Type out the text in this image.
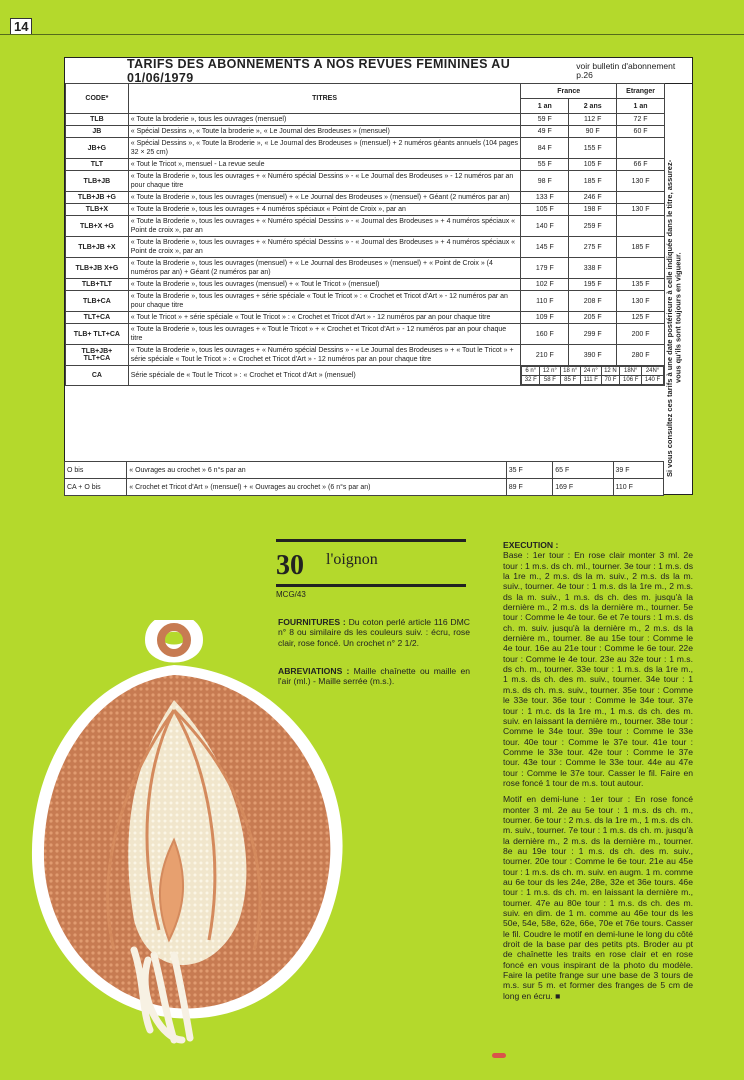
14
TARIFS DES ABONNEMENTS A NOS REVUES FEMININES AU 01/06/1979
voir bulletin d'abonnement p.26
CODE*	TITRES	France	Etranger
1 an	2 ans	1 an
TLB	« Toute la broderie », tous les ouvrages (mensuel)	59 F	112 F	72 F
JB	« Spécial Dessins », « Toute la broderie », « Le Journal des Brodeuses » (mensuel)	49 F	90 F	60 F
JB+G	« Spécial Dessins », « Toute la Broderie », « Le Journal des Brodeuses » (mensuel) + 2 numéros géants annuels (104 pages 32 × 25 cm)	84 F	155 F	
TLT	« Tout le Tricot », mensuel - La revue seule	55 F	105 F	66 F
TLB+JB	« Toute la Broderie », tous les ouvrages + « Numéro spécial Dessins » - « Le Journal des Brodeuses » - 12 numéros par an pour chaque titre	98 F	185 F	130 F
TLB+JB +G	« Toute la Broderie », tous les ouvrages (mensuel) + « Le Journal des Brodeuses » (mensuel) + Géant (2 numéros par an)	133 F	246 F	
TLB+X	« Toute la Broderie », tous les ouvrages + 4 numéros spéciaux « Point de Croix », par an	105 F	198 F	130 F
TLB+X +G	« Toute la Broderie », tous les ouvrages + « Numéro spécial Dessins » - « Journal des Brodeuses » + 4 numéros spéciaux « Point de croix », par an	140 F	259 F	
TLB+JB +X	« Toute la Broderie », tous les ouvrages + « Numéro spécial Dessins » - « Journal des Brodeuses » + 4 numéros spéciaux « Point de croix », par an	145 F	275 F	185 F
TLB+JB X+G	« Toute la Broderie », tous les ouvrages (mensuel) + « Le Journal des Brodeuses » (mensuel) + « Point de Croix » (4 numéros par an) + Géant (2 numéros par an)	179 F	338 F	
TLB+TLT	« Toute la Broderie », tous les ouvrages (mensuel) + « Tout le Tricot » (mensuel)	102 F	195 F	135 F
TLB+CA	« Toute la Broderie », tous les ouvrages + série spéciale « Tout le Tricot » : « Crochet et Tricot d'Art » - 12 numéros par an pour chaque titre	110 F	208 F	130 F
TLT+CA	« Tout le Tricot » + série spéciale « Tout le Tricot » : « Crochet et Tricot d'Art » - 12 numéros par an pour chaque titre	109 F	205 F	125 F
TLB+ TLT+CA	« Toute la Broderie », tous les ouvrages + « Tout le Tricot » + « Crochet et Tricot d'Art » - 12 numéros par an pour chaque titre	160 F	299 F	200 F
TLB+JB+ TLT+CA	« Toute la Broderie », tous les ouvrages + « Numéro spécial Dessins » - « Le Journal des Brodeuses » + « Tout le Tricot » + série spéciale « Tout le Tricot » : « Crochet et Tricot d'Art » - 12 numéros par an pour chaque titre	210 F	390 F	280 F
CA	Série spéciale de « Tout le Tricot » : « Crochet et Tricot d'Art » (mensuel)	
6 n°	12 n°	18 n°	24 n°	12 N	18N°	24N°
32 F	58 F	85 F	111 F	70 F	106 F	140 F Si vous consultez ces tarifs à une date postérieure à celle indiquée dans le titre, assurez-vous qu'ils sont toujours en vigueur.
O bis	« Ouvrages au crochet » 6 n°s par an	35 F	65 F	39 F
CA + O bis	« Crochet et Tricot d'Art » (mensuel) + « Ouvrages au crochet » (6 n°s par an)	89 F	169 F	110 F
30 l'oignon
MCG/43
FOURNITURES : Du coton perlé article 116 DMC n° 8 ou similaire ds les couleurs suiv. : écru, rose clair, rose foncé. Un crochet n° 2 1/2.
ABREVIATIONS : Maille chaînette ou maille en l'air (ml.) - Maille serrée (m.s.).

EXECUTION :
Base : 1er tour : En rose clair monter 3 ml. 2e tour : 1 m.s. ds ch. ml., tourner. 3e tour : 1 m.s. ds la 1re m., 2 m.s. ds la m. suiv., 2 m.s. ds la m. suiv., tourner. 4e tour : 1 m.s. ds la 1re m., 2 m.s. ds la m. suiv., 1 m.s. ds ch. des m. jusqu'à la dernière m., 2 m.s. ds la dernière m., tourner. 5e tour : Comme le 4e tour. 6e et 7e tours : 1 m.s. ds ch. m. suiv. jusqu'à la dernière m., 2 m.s. ds la dernière m., tourner. 8e au 15e tour : Comme le 4e tour. 16e au 21e tour : Comme le 6e tour. 22e tour : Comme le 4e tour. 23e au 32e tour : 1 m.s. ds ch. m., tourner. 33e tour : 1 m.s. ds la 1re m., 1 m.s. ds ch. des m. suiv., tourner. 34e tour : 1 m.s. ds ch. m.s. suiv., tourner. 35e tour : Comme le 33e tour. 36e tour : Comme le 34e tour. 37e tour : 1 m.c. ds la 1re m., 1 m.s. ds ch. des m. suiv. en laissant la dernière m., tourner. 38e tour : Comme le 34e tour. 39e tour : Comme le 33e tour. 40e tour : Comme le 37e tour. 41e tour : Comme le 33e tour. 42e tour : Comme le 37e tour. 43e tour : Comme le 33e tour. 44e au 47e tour : Comme le 37e tour. Casser le fil. Faire en rose foncé 1 tour de m.s. tout autour.

Motif en demi-lune : 1er tour : En rose foncé monter 3 ml. 2e au 5e tour : 1 m.s. ds ch. m., tourner. 6e tour : 2 m.s. ds la 1re m., 1 m.s. ds ch. m. suiv., tourner. 7e tour : 1 m.s. ds ch. m. jusqu'à la dernière m., 2 m.s. ds la dernière m., tourner. 8e au 19e tour : 1 m.s. ds ch. des m. suiv., tourner. 20e tour : Comme le 6e tour. 21e au 45e tour : 1 m.s. ds ch. m. suiv. en augm. 1 m. comme au 6e tour ds les 24e, 28e, 32e et 36e tours. 46e tour : 1 m.s. ds ch. m. en laissant la dernière m., tourner. 47e au 80e tour : 1 m.s. ds ch. des m. suiv. en dim. de 1 m. comme au 46e tour ds les 50e, 54e, 58e, 62e, 66e, 70e et 76e tours. Casser le fil. Coudre le motif en demi-lune le long du côté droit de la base par des petits pts. Broder au pt de chaînette les traits en rose clair et en rose foncé en vous inspirant de la photo du modèle. Faire la petite frange sur une base de 3 tours de m.s. sur 5 m. et former des franges de 5 cm de long en écru. ■
